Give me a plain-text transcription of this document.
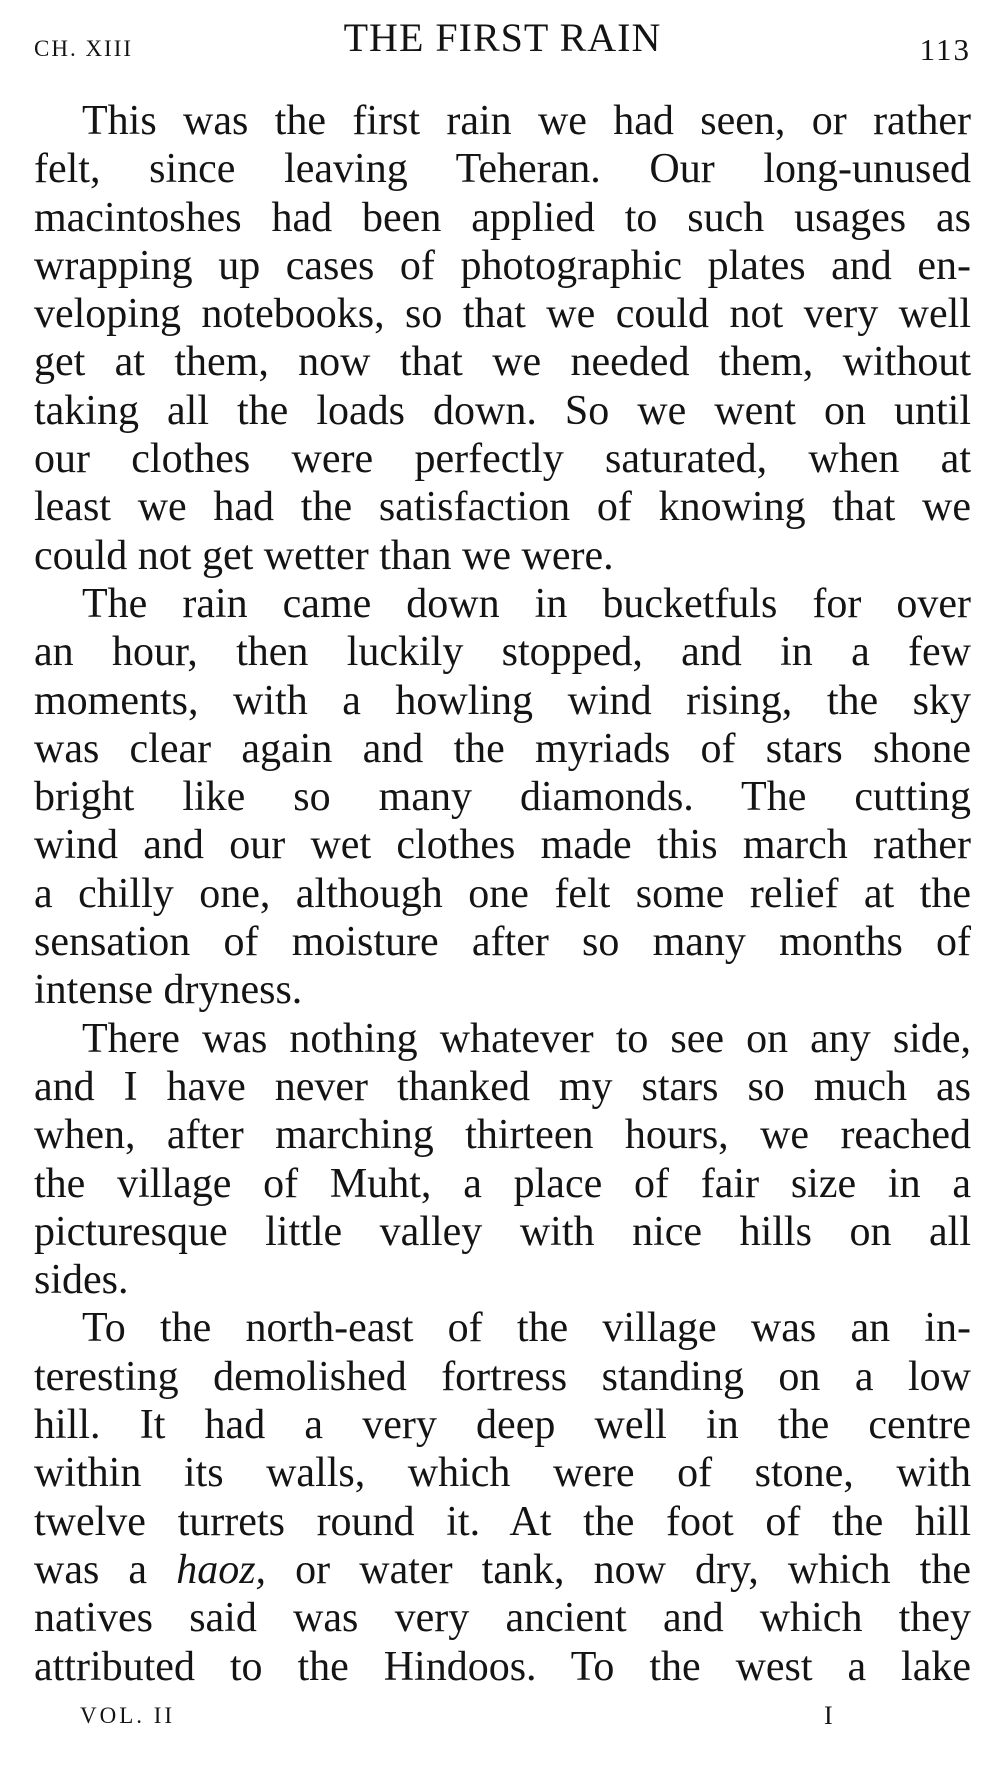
CH. XIII	THE FIRST RAIN	113

This was the first rain we had seen, or rather
felt, since leaving Teheran. Our long-unused
macintoshes had been applied to such usages as
wrapping up cases of photographic plates and en-
veloping notebooks, so that we could not very well
get at them, now that we needed them, without
taking all the loads down. So we went on until
our clothes were perfectly saturated, when at
least we had the satisfaction of knowing that we
could not get wetter than we were.

The rain came down in bucketfuls for over
an hour, then luckily stopped, and in a few
moments, with a howling wind rising, the sky
was clear again and the myriads of stars shone
bright like so many diamonds. The cutting
wind and our wet clothes made this march rather
a chilly one, although one felt some relief at the
sensation of moisture after so many months of
intense dryness.

There was nothing whatever to see on any side,
and I have never thanked my stars so much as
when, after marching thirteen hours, we reached
the village of Muht, a place of fair size in a
picturesque little valley with nice hills on all
sides.

To the north-east of the village was an in-
teresting demolished fortress standing on a low
hill. It had a very deep well in the centre
within its walls, which were of stone, with
twelve turrets round it. At the foot of the hill
was a haoz, or water tank, now dry, which the
natives said was very ancient and which they
attributed to the Hindoos. To the west a lake

VOL. II	I
